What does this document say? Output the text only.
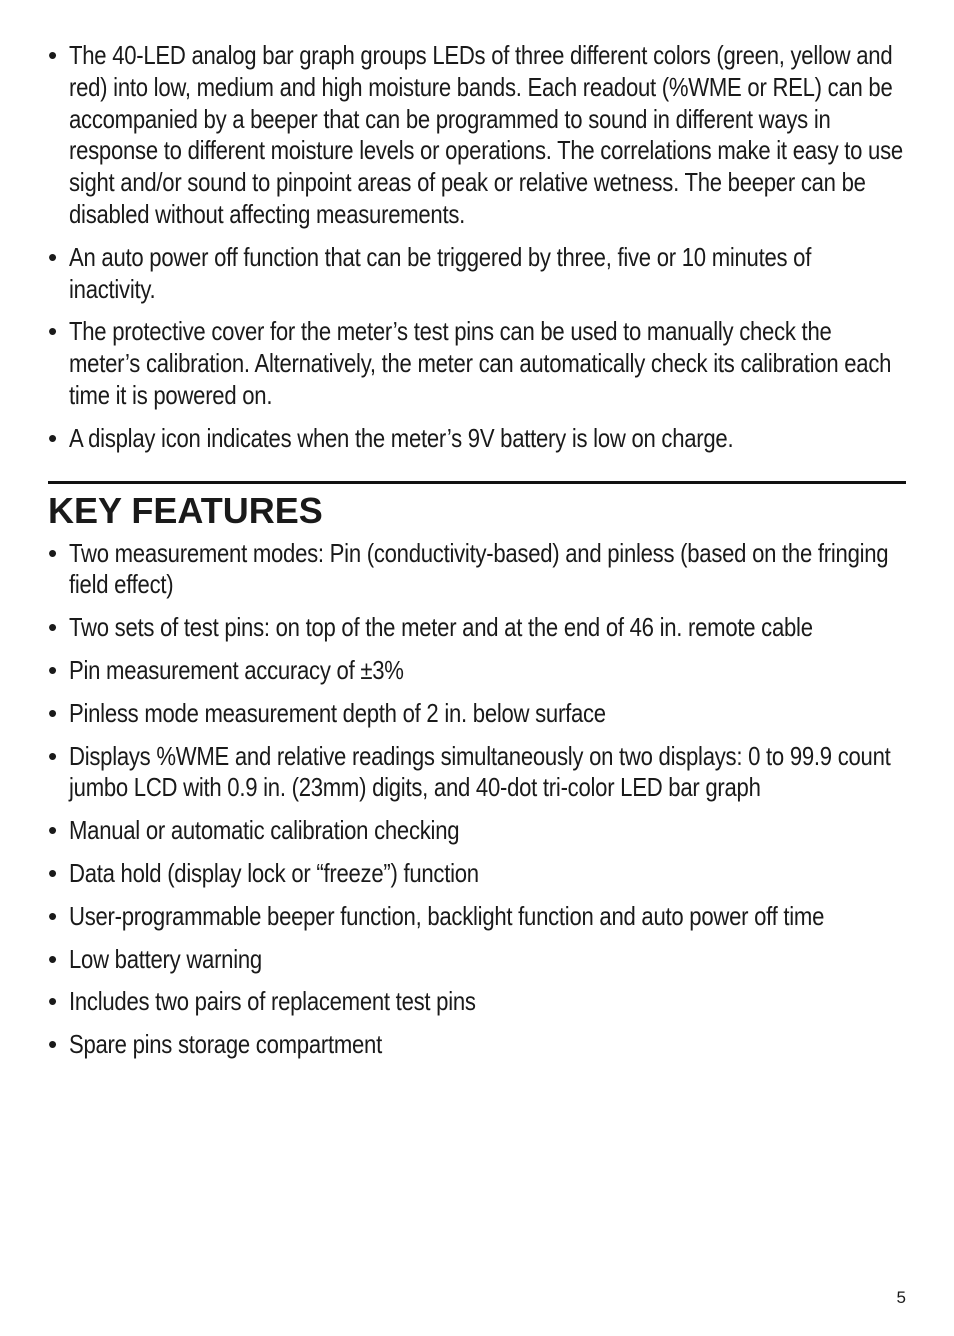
• The 40-LED analog bar graph groups LEDs of three different colors (green, yellow and red) into low, medium and high moisture bands. Each readout (%WME or REL) can be accompanied by a beeper that can be programmed to sound in different ways in response to different moisture levels or operations. The correlations make it easy to use sight and/or sound to pinpoint areas of peak or relative wetness. The beeper can be disabled without affecting measurements.
• An auto power off function that can be triggered by three, five or 10 minutes of inactivity.
• The protective cover for the meter’s test pins can be used to manually check the meter’s calibration. Alternatively, the meter can automatically check its calibration each time it is powered on.
• A display icon indicates when the meter’s 9V battery is low on charge.
KEY FEATURES
• Two measurement modes: Pin (conductivity-based) and pinless (based on the fringing field effect)
• Two sets of test pins: on top of the meter and at the end of 46 in. remote cable
• Pin measurement accuracy of ±3%
• Pinless mode measurement depth of 2 in. below surface
• Displays %WME and relative readings simultaneously on two displays: 0 to 99.9 count jumbo LCD with 0.9 in. (23mm) digits, and 40-dot tri-color LED bar graph
• Manual or automatic calibration checking
• Data hold (display lock or “freeze”) function
• User-programmable beeper function, backlight function and auto power off time
• Low battery warning
• Includes two pairs of replacement test pins
• Spare pins storage compartment
5
